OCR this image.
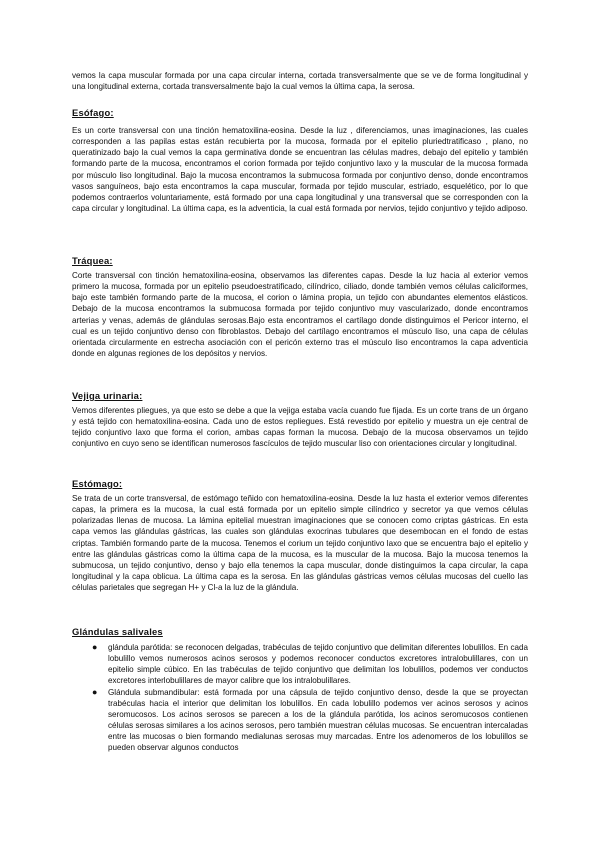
vemos la capa muscular formada por una capa circular interna, cortada transversalmente que se ve de forma longitudinal y una longitudinal externa, cortada transversalmente bajo la cual vemos la última capa, la serosa.

Esófago:

Es un corte transversal con una tinción hematoxilina-eosina. Desde la luz , diferenciamos, unas imaginaciones, las cuales corresponden a las papilas estas están recubierta por la mucosa, formada por el epitelio pluriedtratificaso , plano, no queratinizado bajo la cual vemos la capa germinativa donde se encuentran las células madres, debajo del epitelio y también formando parte de la mucosa, encontramos el corion formada por tejido conjuntivo laxo y la muscular de la mucosa formada por músculo liso longitudinal. Bajo la mucosa encontramos la submucosa formada por conjuntivo denso, donde encontramos vasos sanguíneos, bajo esta encontramos la capa muscular, formada por tejido muscular, estriado, esquelético, por lo que podemos contraerlos voluntariamente, está formado por una capa longitudinal y una transversal que se corresponden con la capa circular y longitudinal. La última capa, es la adventicia, la cual está formada por nervios, tejido conjuntivo y tejido adiposo.

Tráquea:

Corte transversal con tinción hematoxilina-eosina, observamos las diferentes capas. Desde la luz hacia al exterior vemos primero la mucosa, formada por un epitelio pseudoestratificado, cilíndrico, ciliado, donde también vemos células caliciformes, bajo este también formando parte de la mucosa, el corion o lámina propia, un tejido con abundantes elementos elásticos. Debajo de la mucosa encontramos la submucosa formada por tejido conjuntivo muy vascularizado, donde encontramos arterias y venas, además de glándulas serosas.Bajo esta encontramos el cartílago donde distinguimos el Pericor interno, el cual es un tejido conjuntivo denso con fibroblastos. Debajo del cartílago encontramos el músculo liso, una capa de células orientada circularmente en estrecha asociación con el pericón externo tras el músculo liso encontramos la capa adventicia donde en algunas regiones de los depósitos y nervios.

Vejiga urinaria:

Vemos diferentes pliegues, ya que esto se debe a que la vejiga estaba vacía cuando fue fijada. Es un corte trans de un órgano y está tejido con hematoxilina-eosina. Cada uno de estos repliegues. Está revestido por epitelio y muestra un eje central de tejido conjuntivo laxo que forma el corion, ambas capas forman la mucosa. Debajo de la mucosa observamos un tejido conjuntivo en cuyo seno se identifican numerosos fascículos de tejido muscular liso con orientaciones circular y longitudinal.

Estómago:

Se trata de un corte transversal, de estómago teñido con hematoxilina-eosina. Desde la luz hasta el exterior vemos diferentes capas, la primera es la mucosa, la cual está formada por un epitelio simple cilíndrico y secretor ya que vemos células polarizadas llenas de mucosa. La lámina epitelial muestran imaginaciones que se conocen como criptas gástricas. En esta capa vemos las glándulas gástricas, las cuales son glándulas exocrinas tubulares que desembocan en el fondo de estas criptas. También formando parte de la mucosa. Tenemos el corium un tejido conjuntivo laxo que se encuentra bajo el epitelio y entre las glándulas gástricas como la última capa de la mucosa, es la muscular de la mucosa. Bajo la mucosa tenemos la submucosa, un tejido conjuntivo, denso y bajo ella tenemos la capa muscular, donde distinguimos la capa circular, la capa longitudinal y la capa oblicua. La última capa es la serosa. En las glándulas gástricas vemos células mucosas del cuello las células parietales que segregan H+ y Cl-a la luz de la glándula.

Glándulas salivales
● glándula parótida: se reconocen delgadas, trabéculas de tejido conjuntivo que delimitan diferentes lobulillos. En cada lobulillo vemos numerosos acinos serosos y podemos reconocer conductos excretores intralobulillares, con un epitelio simple cúbico. En las trabéculas de tejido conjuntivo que delimitan los lobulillos, podemos ver conductos excretores interlobulillares de mayor calibre que los intralobulillares.
● Glándula submandibular: está formada por una cápsula de tejido conjuntivo denso, desde la que se proyectan trabéculas hacia el interior que delimitan los lobulillos. En cada lobulillo podemos ver acinos serosos y acinos seromucosos. Los acinos serosos se parecen a los de la glándula parótida, los acinos seromucosos contienen células serosas similares a los acinos serosos, pero también muestran células mucosas. Se encuentran intercaladas entre las mucosas o bien formando medialunas serosas muy marcadas. Entre los adenomeros de los lobulillos se pueden observar algunos conductos
